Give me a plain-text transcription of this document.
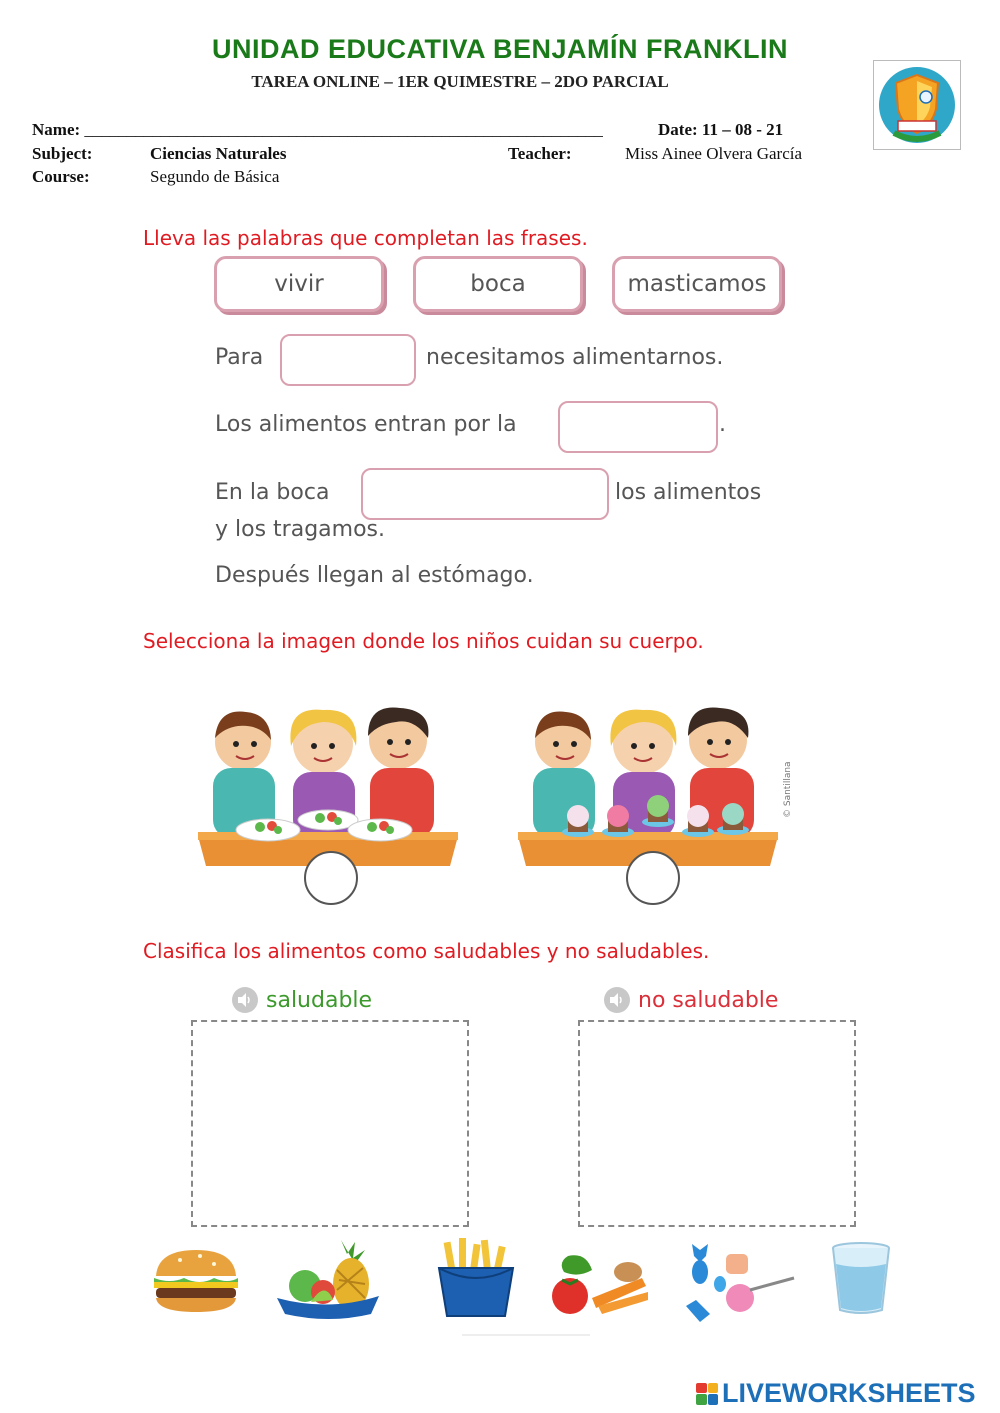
UNIDAD EDUCATIVA BENJAMÍN FRANKLIN
TAREA ONLINE – 1ER QUIMESTRE – 2DO PARCIAL
Name: _____________________________________________________________	Date: 11 – 08 - 21
Subject:	Ciencias Naturales	Teacher:	Miss Ainee Olvera García
Course:	Segundo de Básica
Lleva las palabras que completan las frases.
vivir	boca	masticamos
Para	necesitamos alimentarnos.
Los alimentos entran por la	.
En la boca	los alimentos
y los tragamos.
Después llegan al estómago.
Selecciona la imagen donde los niños cuidan su cuerpo.
© Santillana
Clasifica los alimentos como saludables y no saludables.
saludable	no saludable
LIVEWORKSHEETS
